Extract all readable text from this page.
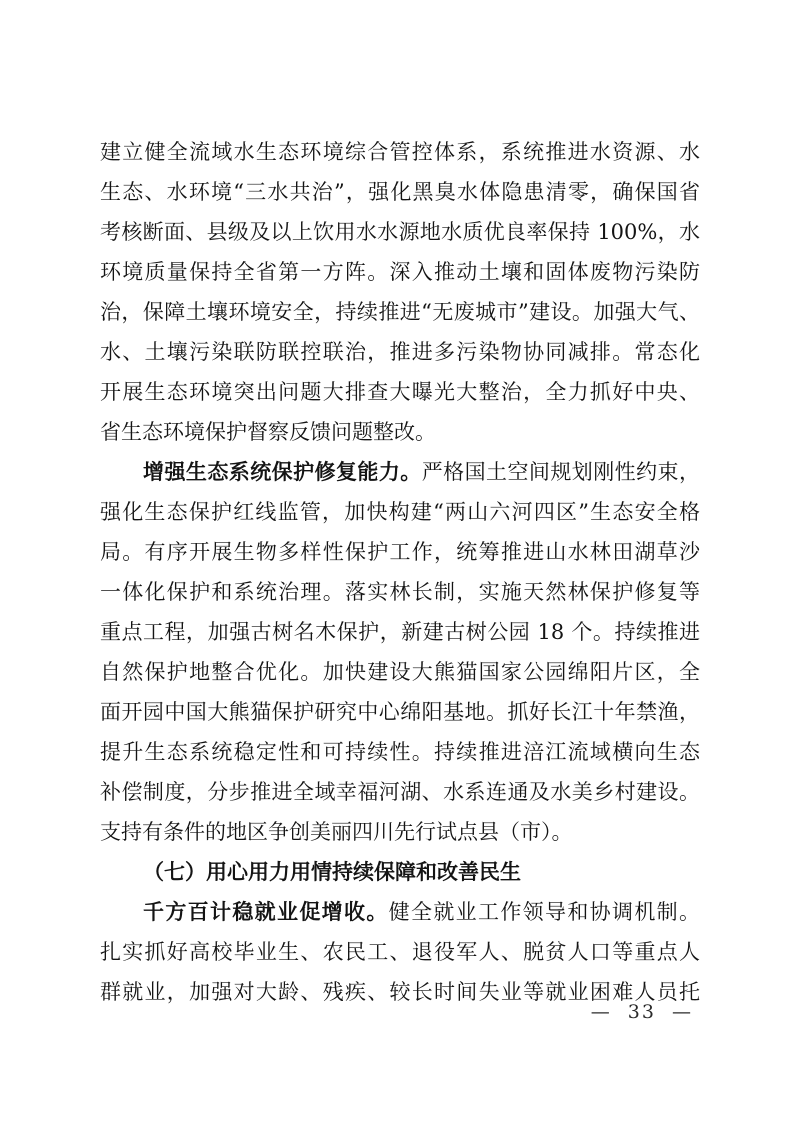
建立健全流域水生态环境综合管控体系，系统推进水资源、水
生态、水环境“三水共治”，强化黑臭水体隐患清零，确保国省
考核断面、县级及以上饮用水水源地水质优良率保持 100%，水
环境质量保持全省第一方阵。深入推动土壤和固体废物污染防
治，保障土壤环境安全，持续推进“无废城市”建设。加强大气、
水、土壤污染联防联控联治，推进多污染物协同减排。常态化
开展生态环境突出问题大排查大曝光大整治，全力抓好中央、
省生态环境保护督察反馈问题整改。
增强生态系统保护修复能力。严格国土空间规划刚性约束，
强化生态保护红线监管，加快构建“两山六河四区”生态安全格
局。有序开展生物多样性保护工作，统筹推进山水林田湖草沙
一体化保护和系统治理。落实林长制，实施天然林保护修复等
重点工程，加强古树名木保护，新建古树公园 18 个。持续推进
自然保护地整合优化。加快建设大熊猫国家公园绵阳片区，全
面开园中国大熊猫保护研究中心绵阳基地。抓好长江十年禁渔，
提升生态系统稳定性和可持续性。持续推进涪江流域横向生态
补偿制度，分步推进全域幸福河湖、水系连通及水美乡村建设。
支持有条件的地区争创美丽四川先行试点县（市）。
（七）用心用力用情持续保障和改善民生
千方百计稳就业促增收。健全就业工作领导和协调机制。
扎实抓好高校毕业生、农民工、退役军人、脱贫人口等重点人
群就业，加强对大龄、残疾、较长时间失业等就业困难人员托
— 33 —
